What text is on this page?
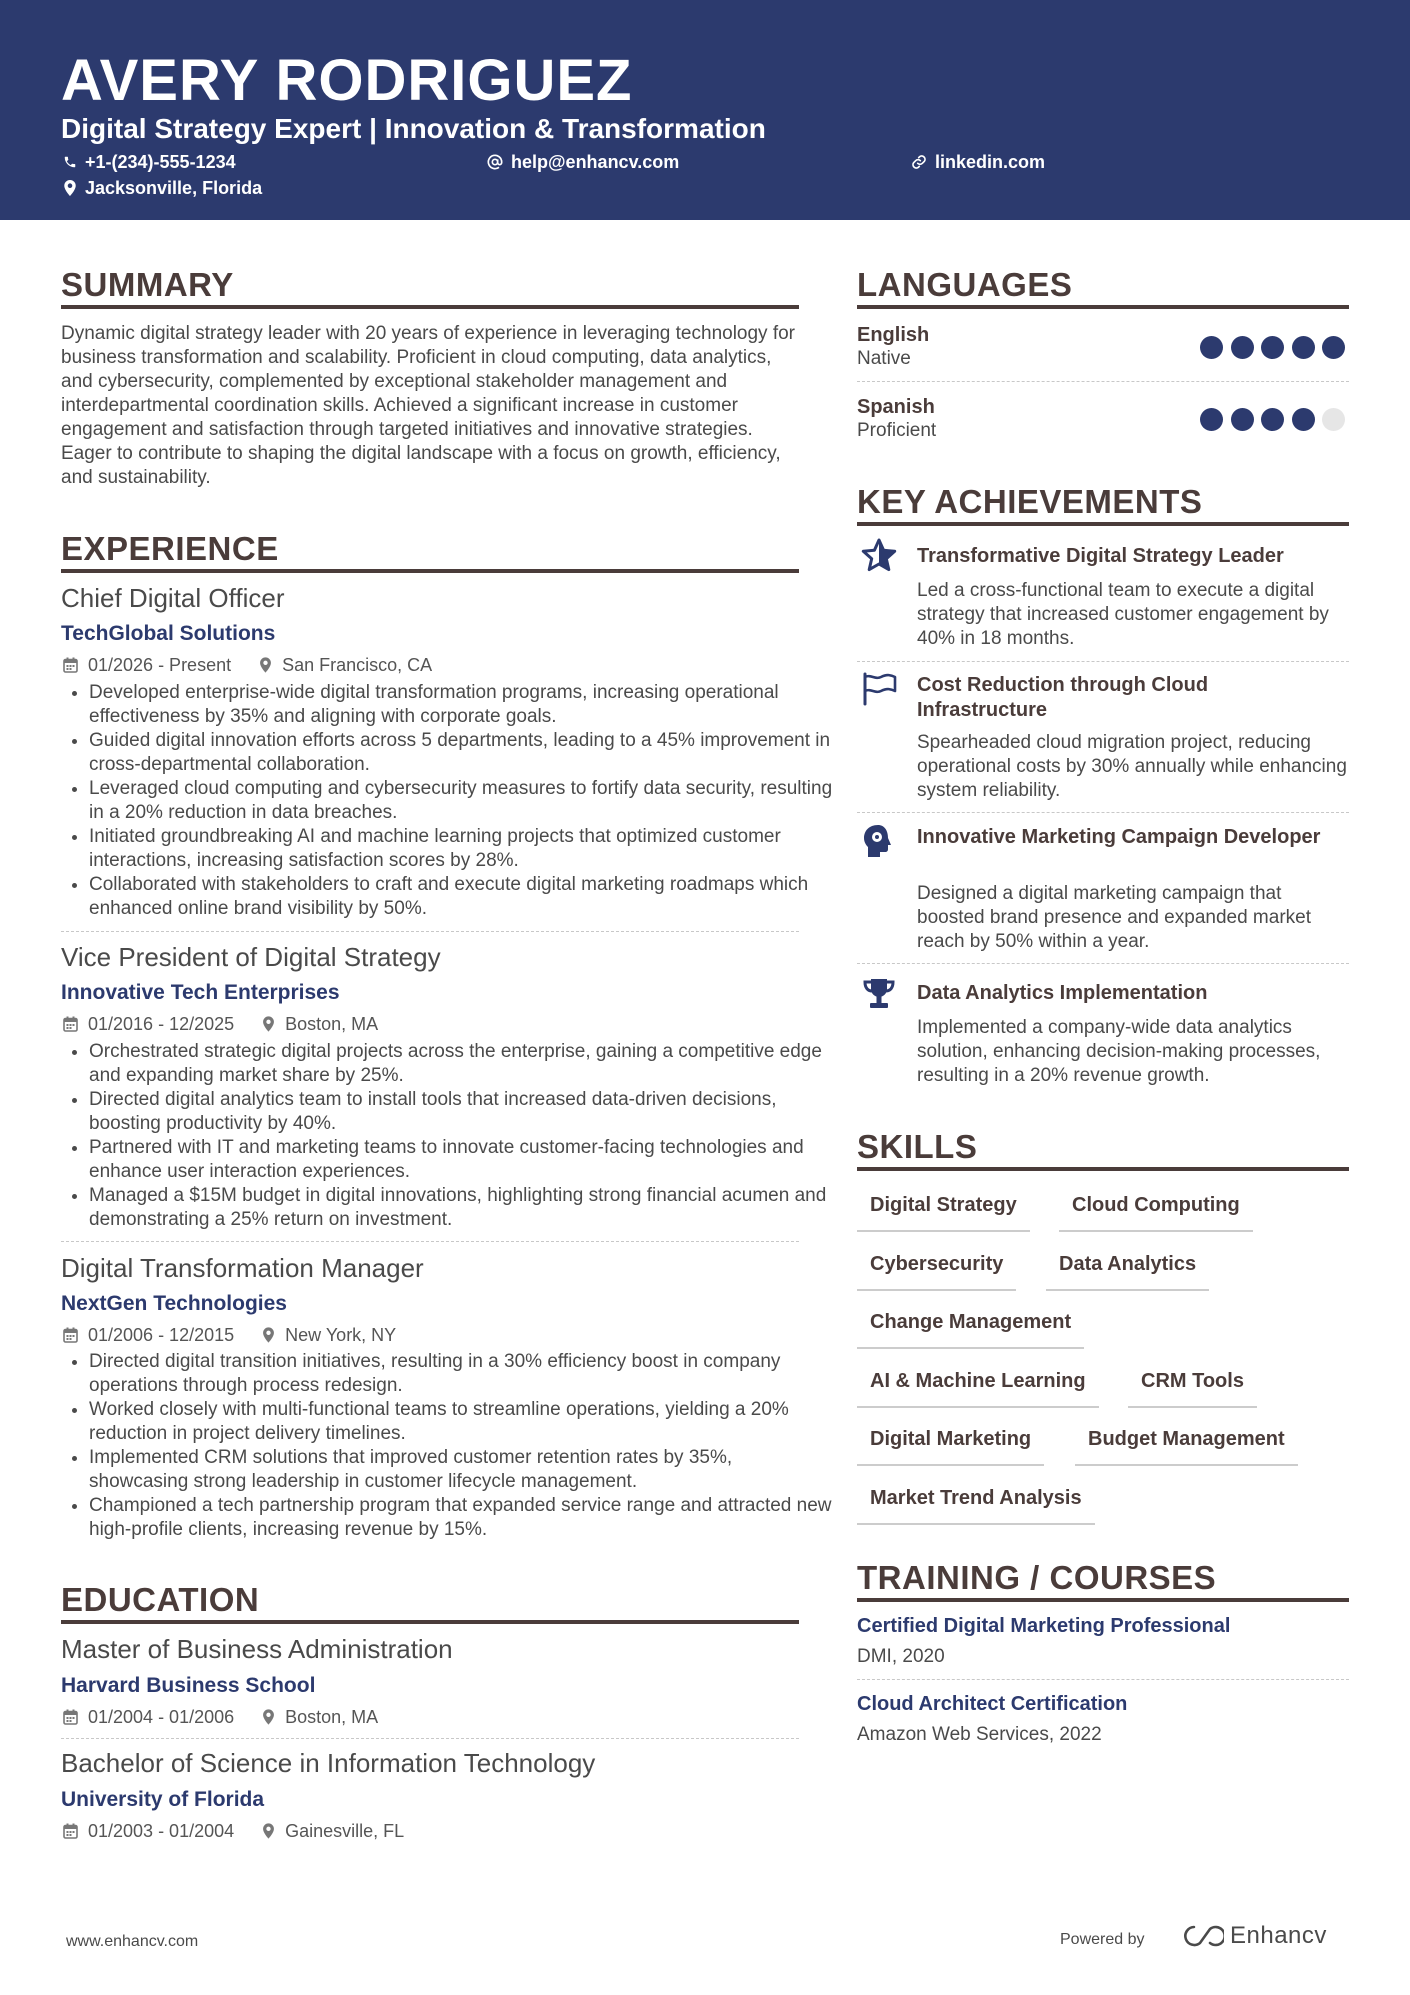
AVERY RODRIGUEZ
Digital Strategy Expert | Innovation & Transformation
+1-(234)-555-1234	help@enhancv.com	linkedin.com
Jacksonville, Florida
SUMMARY
Dynamic digital strategy leader with 20 years of experience in leveraging technology for business transformation and scalability. Proficient in cloud computing, data analytics, and cybersecurity, complemented by exceptional stakeholder management and interdepartmental coordination skills. Achieved a significant increase in customer engagement and satisfaction through targeted initiatives and innovative strategies. Eager to contribute to shaping the digital landscape with a focus on growth, efficiency, and sustainability.
EXPERIENCE
Chief Digital Officer
TechGlobal Solutions
01/2026 - Present	San Francisco, CA
• Developed enterprise-wide digital transformation programs, increasing operational effectiveness by 35% and aligning with corporate goals.
• Guided digital innovation efforts across 5 departments, leading to a 45% improvement in cross-departmental collaboration.
• Leveraged cloud computing and cybersecurity measures to fortify data security, resulting in a 20% reduction in data breaches.
• Initiated groundbreaking AI and machine learning projects that optimized customer interactions, increasing satisfaction scores by 28%.
• Collaborated with stakeholders to craft and execute digital marketing roadmaps which enhanced online brand visibility by 50%.
Vice President of Digital Strategy
Innovative Tech Enterprises
01/2016 - 12/2025	Boston, MA
• Orchestrated strategic digital projects across the enterprise, gaining a competitive edge and expanding market share by 25%.
• Directed digital analytics team to install tools that increased data-driven decisions, boosting productivity by 40%.
• Partnered with IT and marketing teams to innovate customer-facing technologies and enhance user interaction experiences.
• Managed a $15M budget in digital innovations, highlighting strong financial acumen and demonstrating a 25% return on investment.
Digital Transformation Manager
NextGen Technologies
01/2006 - 12/2015	New York, NY
• Directed digital transition initiatives, resulting in a 30% efficiency boost in company operations through process redesign.
• Worked closely with multi-functional teams to streamline operations, yielding a 20% reduction in project delivery timelines.
• Implemented CRM solutions that improved customer retention rates by 35%, showcasing strong leadership in customer lifecycle management.
• Championed a tech partnership program that expanded service range and attracted new high-profile clients, increasing revenue by 15%.
EDUCATION
Master of Business Administration
Harvard Business School
01/2004 - 01/2006	Boston, MA
Bachelor of Science in Information Technology
University of Florida
01/2003 - 01/2004	Gainesville, FL
LANGUAGES
English
Native
Spanish
Proficient
KEY ACHIEVEMENTS
Transformative Digital Strategy Leader
Led a cross-functional team to execute a digital strategy that increased customer engagement by 40% in 18 months.
Cost Reduction through Cloud Infrastructure
Spearheaded cloud migration project, reducing operational costs by 30% annually while enhancing system reliability.
Innovative Marketing Campaign Developer
Designed a digital marketing campaign that boosted brand presence and expanded market reach by 50% within a year.
Data Analytics Implementation
Implemented a company-wide data analytics solution, enhancing decision-making processes, resulting in a 20% revenue growth.
SKILLS
Digital Strategy	Cloud Computing
Cybersecurity	Data Analytics
Change Management
AI & Machine Learning	CRM Tools
Digital Marketing	Budget Management
Market Trend Analysis
TRAINING / COURSES
Certified Digital Marketing Professional
DMI, 2020
Cloud Architect Certification
Amazon Web Services, 2022
www.enhancv.com	Powered by	Enhancv
